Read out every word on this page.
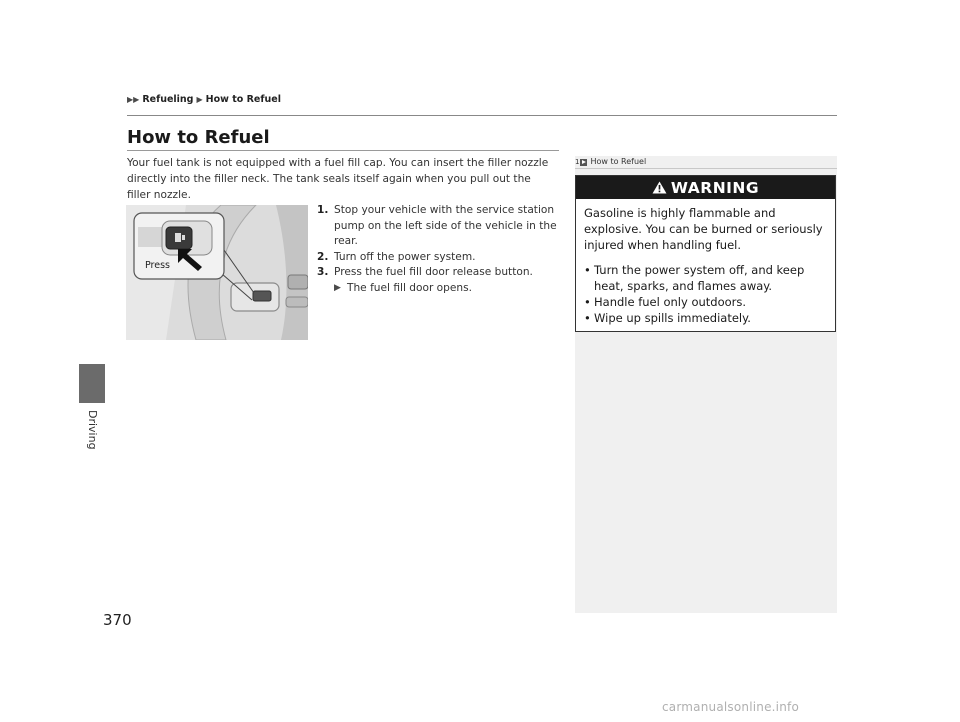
▶▶ Refueling ▶ How to Refuel
Driving
How to Refuel

Your fuel tank is not equipped with a fuel fill cap. You can insert the filler nozzle directly into the filler neck. The tank seals itself again when you pull out the filler nozzle.

Press
1. Stop your vehicle with the service station pump on the left side of the vehicle in the rear.
2. Turn off the power system.
3. Press the fuel fill door release button.
▶ The fuel fill door opens.
1 How to Refuel
WARNING

Gasoline is highly flammable and explosive. You can be burned or seriously injured when handling fuel.

• Turn the power system off, and keep heat, sparks, and flames away.
• Handle fuel only outdoors.
• Wipe up spills immediately.
370
carmanualsonline.info
